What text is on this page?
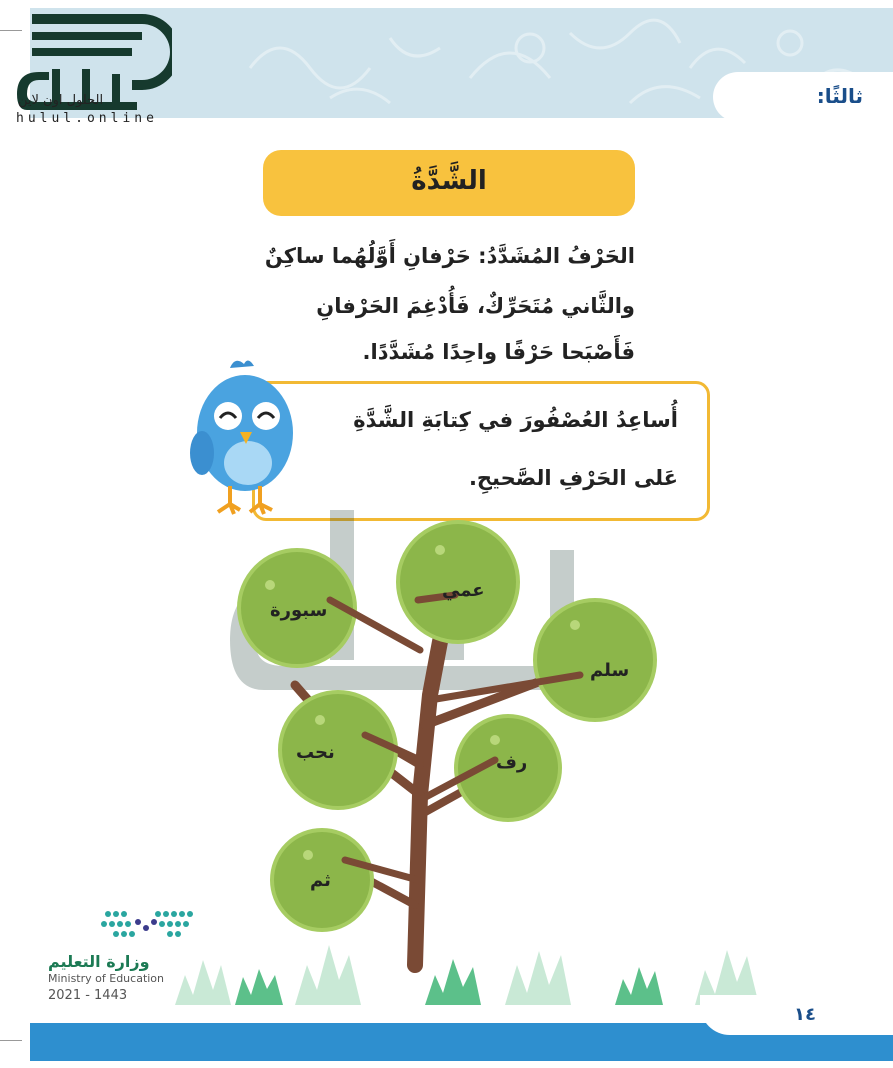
ثالثًا:
الحلول اون لاين
hulul.online
الشَّدَّةُ
الحَرْفُ المُشَدَّدُ: حَرْفانِ أَوَّلُهُما ساكِنٌ
والثَّاني مُتَحَرِّكٌ، فَأُدْغِمَ الحَرْفانِ
فَأَصْبَحا حَرْفًا واحِدًا مُشَدَّدًا.
أُساعِدُ العُصْفُورَ في كِتابَةِ الشَّدَّةِ
عَلى الحَرْفِ الصَّحيحِ.
سبورة
عمي
سلم
نحب	رف
ثم
وزارة التعليم
Ministry of Education
2021 - 1443
١٤
